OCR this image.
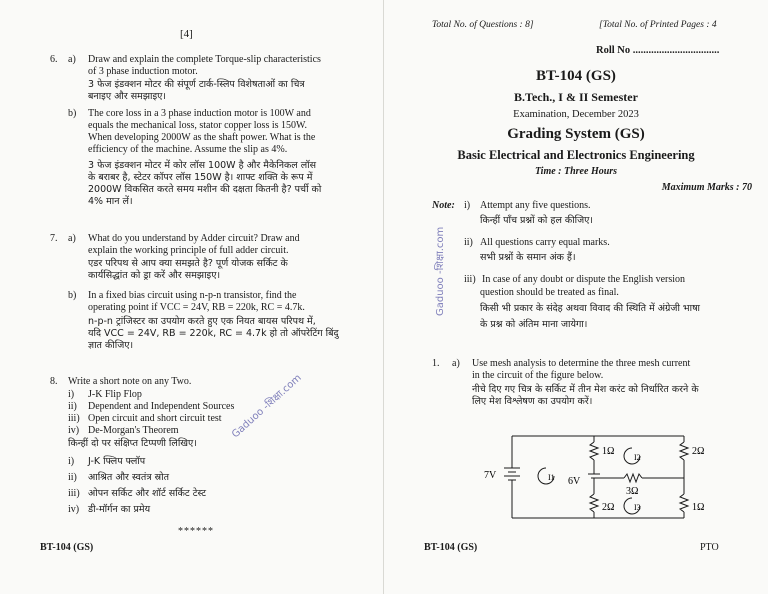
[4]
6. a) Draw and explain the complete Torque-slip characteristics
of 3 phase induction motor.
3 फेज इंडक्शन मोटर की संपूर्ण टार्क-स्लिप विशेषताओं का चित्र
बनाइए और समझाइए।
b) The core loss in a 3 phase induction motor is 100W and
equals the mechanical loss, stator copper loss is 150W.
When developing 2000W as the shaft power. What is the
efficiency of the machine. Assume the slip as 4%.
3 फेज इंडक्शन मोटर में कोर लॉस 100W है और मैकेनिकल लॉस
के बराबर है, स्टेटर कॉपर लॉस 150W है। शाफ्ट शक्ति के रूप में
2000W विकसित करते समय मशीन की दक्षता कितनी है? पर्ची को
4% मान लें।
7. a) What do you understand by Adder circuit? Draw and
explain the working principle of full adder circuit.
एडर परिपथ से आप क्या समझते है? पूर्ण योजक सर्किट के
कार्यसिद्धांत को ड्रा करें और समझाइए।
b) In a fixed bias circuit using n-p-n transistor, find the
operating point if VCC = 24V, RB = 220k, RC = 4.7k.
n-p-n ट्रांजिस्टर का उपयोग करते हुए एक नियत बायस परिपथ में,
यदि VCC = 24V, RB = 220k, RC = 4.7k हो तो ऑपरेटिंग बिंदु
ज्ञात कीजिए।
8. Write a short note on any Two.
i) J-K Flip Flop
ii) Dependent and Independent Sources
iii) Open circuit and short circuit test
iv) De-Morgan's Theorem
किन्हीं दो पर संक्षिप्त टिप्पणी लिखिए।
i) J-K फ्लिप फ्लॉप
ii) आश्रित और स्वतंत्र स्रोत
iii) ओपन सर्किट और शॉर्ट सर्किट टेस्ट
iv) डी-मॉर्गन का प्रमेय
******
BT-104 (GS)
Gaduoo -शिक्षा.com
Total No. of Questions : 8]	[Total No. of Printed Pages : 4
Roll No .................................
BT-104 (GS)
B.Tech., I & II Semester
Examination, December 2023
Grading System (GS)
Basic Electrical and Electronics Engineering
Time : Three Hours
Maximum Marks : 70
Note: i) Attempt any five questions.
किन्हीं पाँच प्रश्नों को हल कीजिए।
ii) All questions carry equal marks.
सभी प्रश्नों के समान अंक हैं।
iii) In case of any doubt or dispute the English version
question should be treated as final.
किसी भी प्रकार के संदेह अथवा विवाद की स्थिति में अंग्रेजी भाषा
के प्रश्न को अंतिम माना जायेगा।
1. a) Use mesh analysis to determine the three mesh current
in the circuit of the figure below.
नीचे दिए गए चित्र के सर्किट में तीन मेश करंट को निर्धारित करने के
लिए मेश विश्लेषण का उपयोग करें।
7V
6V
1Ω	2Ω
3Ω
2Ω	1Ω
I1
I2
I3
BT-104 (GS)	PTO
Gaduoo -शिक्षा.com
